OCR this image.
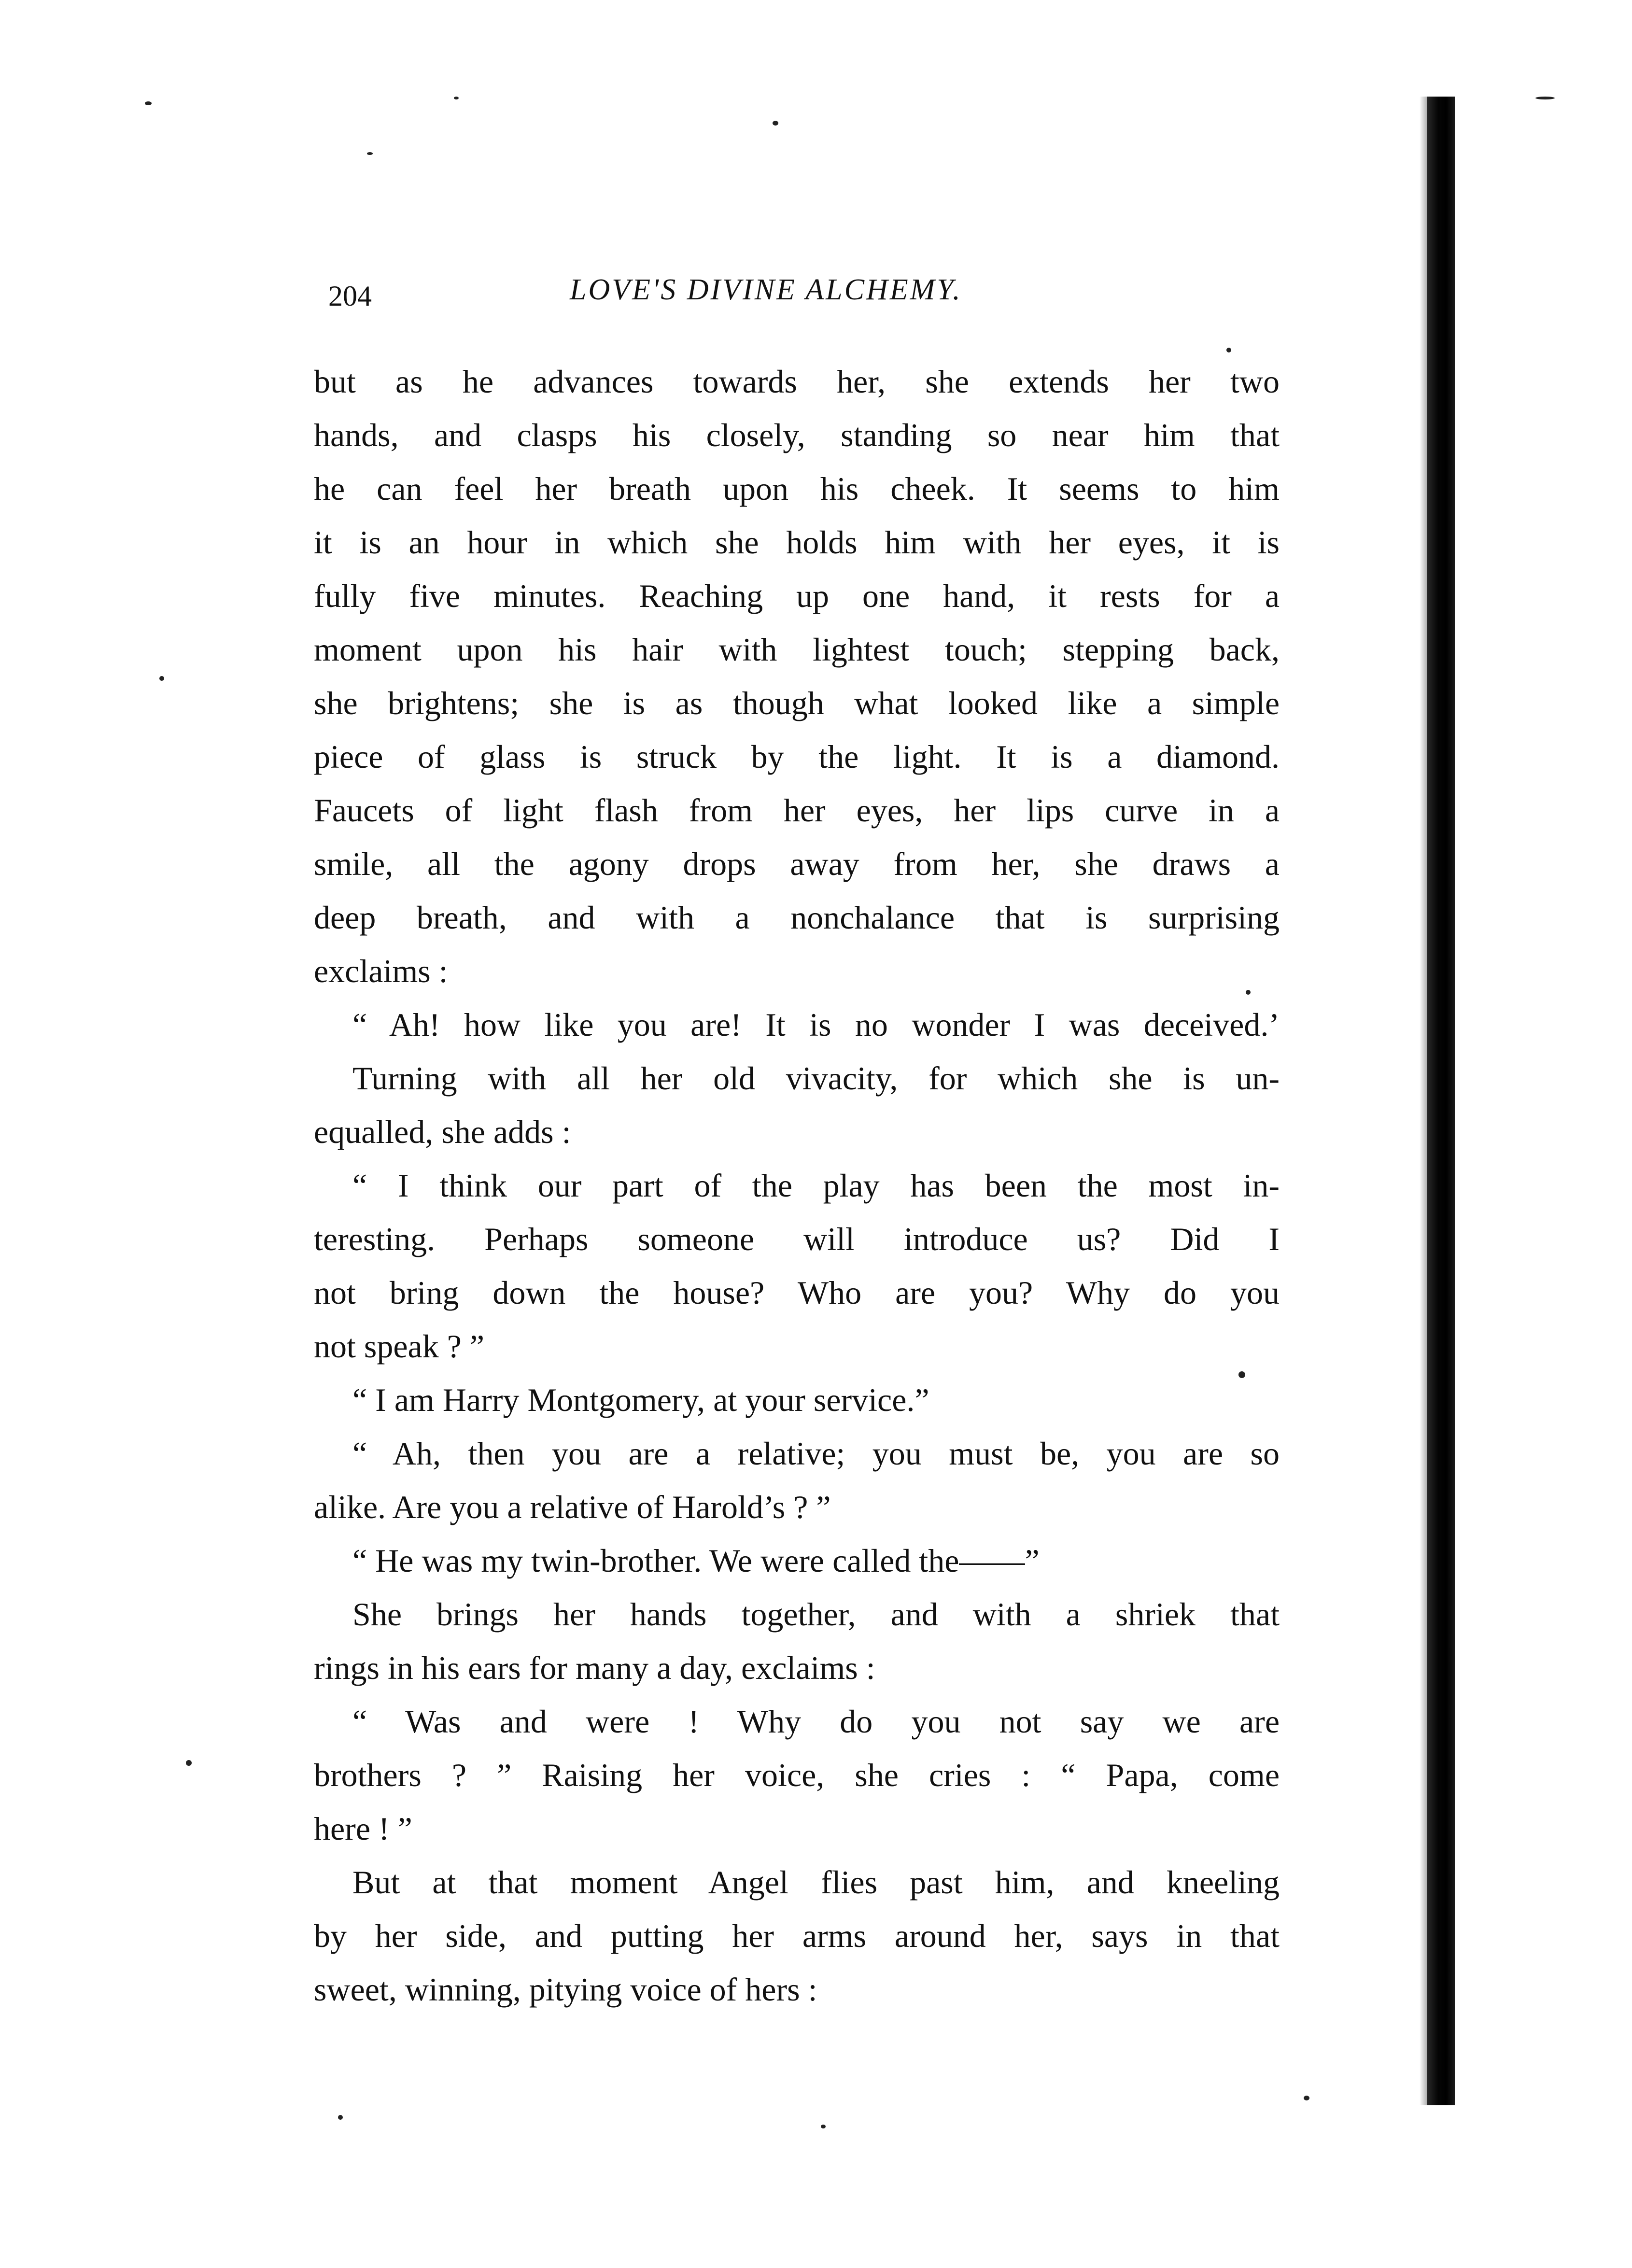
204	LOVE'S DIVINE ALCHEMY.
but as he advances towards her, she extends her two
hands, and clasps his closely, standing so near him that
he can feel her breath upon his cheek. It seems to him
it is an hour in which she holds him with her eyes, it is
fully five minutes. Reaching up one hand, it rests for a
moment upon his hair with lightest touch; stepping back,
she brightens; she is as though what looked like a simple
piece of glass is struck by the light. It is a diamond.
Faucets of light flash from her eyes, her lips curve in a
smile, all the agony drops away from her, she draws a
deep breath, and with a nonchalance that is surprising
exclaims :
“ Ah! how like you are! It is no wonder I was deceived.’
Turning with all her old vivacity, for which she is un-
equalled, she adds :
“ I think our part of the play has been the most in-
teresting. Perhaps someone will introduce us? Did I
not bring down the house? Who are you? Why do you
not speak ? ”
“ I am Harry Montgomery, at your service.”
“ Ah, then you are a relative; you must be, you are so
alike. Are you a relative of Harold’s ? ”
“ He was my twin-brother. We were called the——”
She brings her hands together, and with a shriek that
rings in his ears for many a day, exclaims :
“ Was and were ! Why do you not say we are
brothers ? ” Raising her voice, she cries : “ Papa, come
here ! ”
But at that moment Angel flies past him, and kneeling
by her side, and putting her arms around her, says in that
sweet, winning, pitying voice of hers :
